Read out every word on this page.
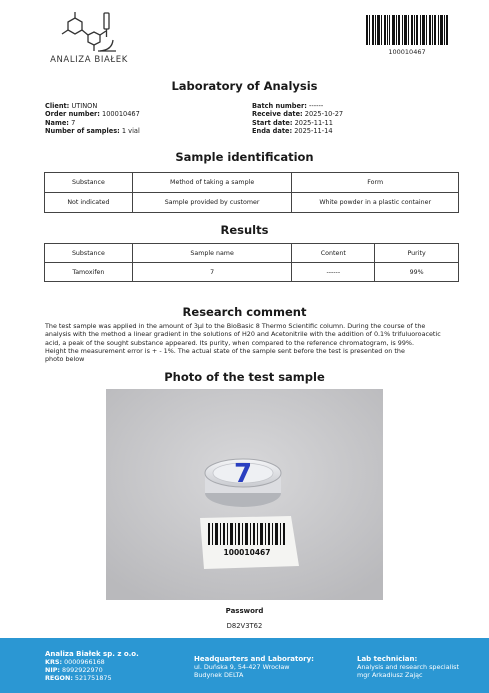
ANALIZA BIAŁEK
100010467
Laboratory of Analysis
Client: UTINON
Order number: 100010467
Name: 7
Number of samples: 1 vial
Batch number: ------
Receive date: 2025-10-27
Start date: 2025-11-11
Enda date: 2025-11-14
Sample identification
Substance	Method of taking a sample	Form
Not indicated	Sample provided by customer	White powder in a plastic container
Results
Substance	Sample name	Content	Purity
Tamoxifen	7	------	99%
Research comment
The test sample was applied in the amount of 3µl to the BioBasic 8 Thermo Scientific column. During the course of the
analysis with the method a linear gradient in the solutions of H20 and Acetonitrile with the addition of 0.1% trifuluoroacetic
acid, a peak of the sought substance appeared. Its purity, when compared to the reference chromatogram, is 99%.
Height the measurement error is + - 1%. The actual state of the sample sent before the test is presented on the
photo below
Photo of the test sample
7
100010467
Password
D82V3T62
Analiza Białek sp. z o.o.
KRS: 0000966168
NIP: 8992922970
REGON: 521751875
Headquarters and Laboratory:
ul. Duńska 9, 54-427 Wrocław
Budynek DELTA
Lab technician:
Analysis and research specialist
mgr Arkadiusz Zając
